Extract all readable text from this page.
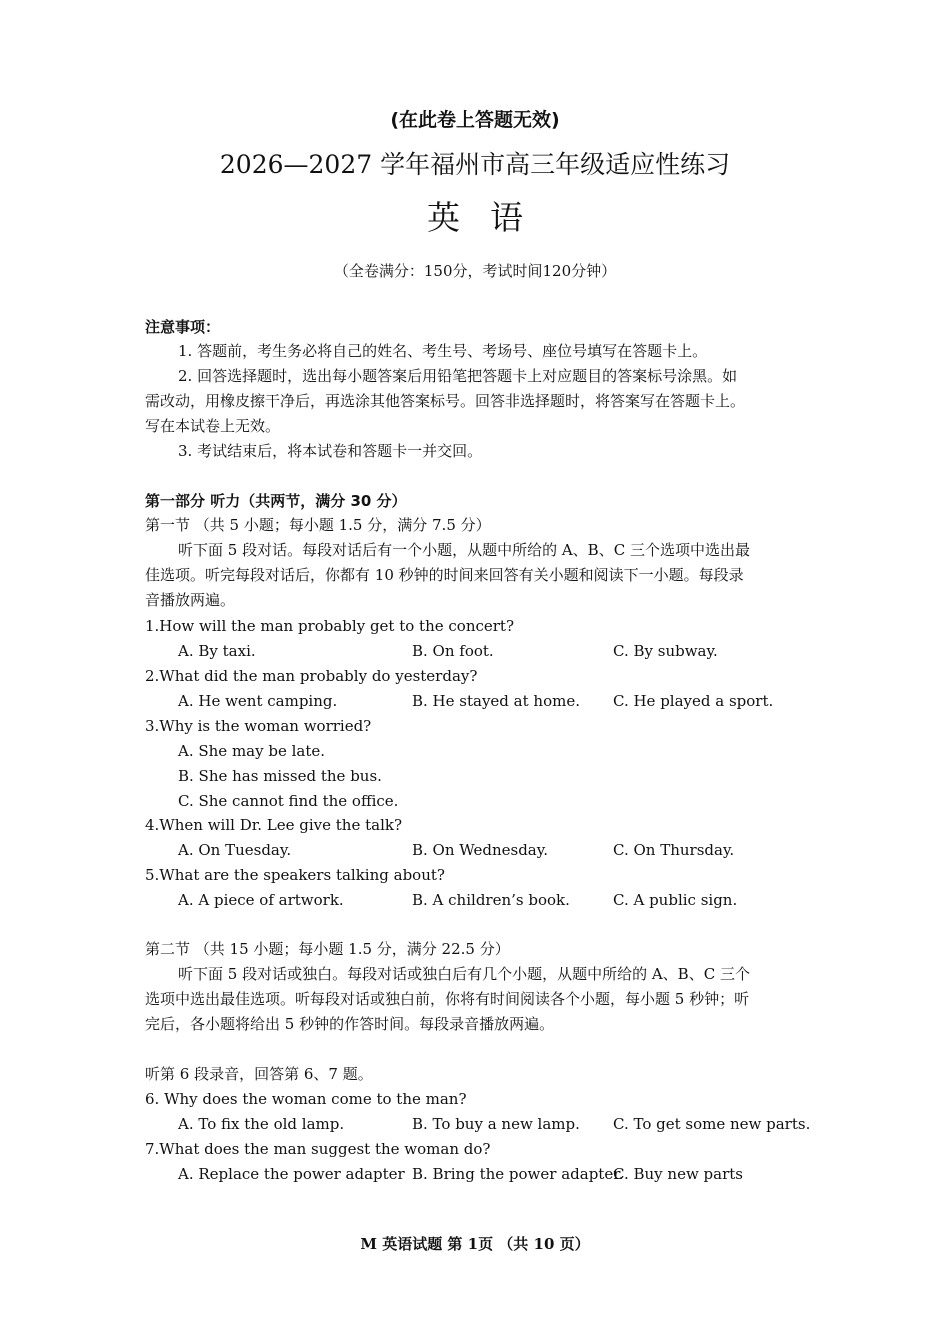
(在此卷上答题无效)
2026—2027 学年福州市高三年级适应性练习
英语
（全卷满分：150分，考试时间120分钟）
注意事项：
1. 答题前，考生务必将自己的姓名、考生号、考场号、座位号填写在答题卡上。
2. 回答选择题时，选出每小题答案后用铅笔把答题卡上对应题目的答案标号涂黑。如
需改动，用橡皮擦干净后，再选涂其他答案标号。回答非选择题时，将答案写在答题卡上。
写在本试卷上无效。
3. 考试结束后，将本试卷和答题卡一并交回。
第一部分 听力（共两节，满分 30 分）
第一节 （共 5 小题；每小题 1.5 分，满分 7.5 分）
听下面 5 段对话。每段对话后有一个小题，从题中所给的 A、B、C 三个选项中选出最
佳选项。听完每段对话后，你都有 10 秒钟的时间来回答有关小题和阅读下一小题。每段录
音播放两遍。
1.How will the man probably get to the concert?
A. By taxi.	B. On foot.	C. By subway.
2.What did the man probably do yesterday?
A. He went camping.	B. He stayed at home. C. He played a sport.
3.Why is the woman worried?
A. She may be late.
B. She has missed the bus.
C. She cannot find the office.
4.When will Dr. Lee give the talk?
A. On Tuesday.	B. On Wednesday.	C. On Thursday.
5.What are the speakers talking about?
A. A piece of artwork.	B. A children’s book.	C. A public sign.
第二节 （共 15 小题；每小题 1.5 分，满分 22.5 分）
听下面 5 段对话或独白。每段对话或独白后有几个小题，从题中所给的 A、B、C 三个
选项中选出最佳选项。听每段对话或独白前，你将有时间阅读各个小题，每小题 5 秒钟；听
完后，各小题将给出 5 秒钟的作答时间。每段录音播放两遍。
听第 6 段录音，回答第 6、7 题。
6. Why does the woman come to the man?
A. To fix the old lamp.	B. To buy a new lamp. C. To get some new parts.
7.What does the man suggest the woman do?
A. Replace the power adapter B. Bring the power adapter.
C. Buy new parts
M 英语试题 第 1页 （共 10 页）
